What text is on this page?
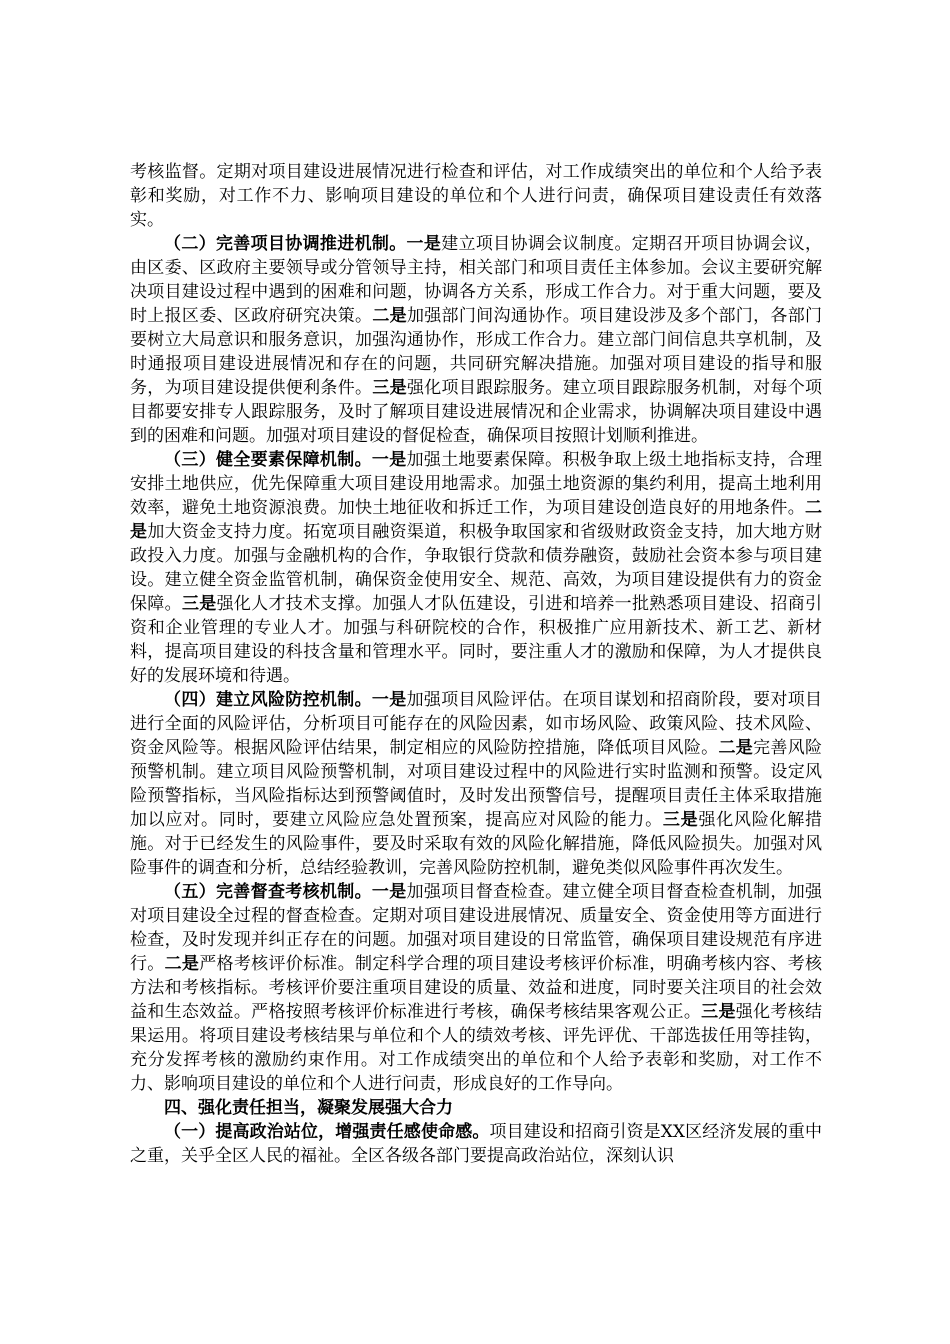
考核监督。定期对项目建设进展情况进行检查和评估，对工作成绩突出的单位和个人给予表彰和奖励，对工作不力、影响项目建设的单位和个人进行问责，确保项目建设责任有效落实。

（二）完善项目协调推进机制。一是建立项目协调会议制度。定期召开项目协调会议，由区委、区政府主要领导或分管领导主持，相关部门和项目责任主体参加。会议主要研究解决项目建设过程中遇到的困难和问题，协调各方关系，形成工作合力。对于重大问题，要及时上报区委、区政府研究决策。二是加强部门间沟通协作。项目建设涉及多个部门，各部门要树立大局意识和服务意识，加强沟通协作，形成工作合力。建立部门间信息共享机制，及时通报项目建设进展情况和存在的问题，共同研究解决措施。加强对项目建设的指导和服务，为项目建设提供便利条件。三是强化项目跟踪服务。建立项目跟踪服务机制，对每个项目都要安排专人跟踪服务，及时了解项目建设进展情况和企业需求，协调解决项目建设中遇到的困难和问题。加强对项目建设的督促检查，确保项目按照计划顺利推进。

（三）健全要素保障机制。一是加强土地要素保障。积极争取上级土地指标支持，合理安排土地供应，优先保障重大项目建设用地需求。加强土地资源的集约利用，提高土地利用效率，避免土地资源浪费。加快土地征收和拆迁工作，为项目建设创造良好的用地条件。二是加大资金支持力度。拓宽项目融资渠道，积极争取国家和省级财政资金支持，加大地方财政投入力度。加强与金融机构的合作，争取银行贷款和债券融资，鼓励社会资本参与项目建设。建立健全资金监管机制，确保资金使用安全、规范、高效，为项目建设提供有力的资金保障。三是强化人才技术支撑。加强人才队伍建设，引进和培养一批熟悉项目建设、招商引资和企业管理的专业人才。加强与科研院校的合作，积极推广应用新技术、新工艺、新材料，提高项目建设的科技含量和管理水平。同时，要注重人才的激励和保障，为人才提供良好的发展环境和待遇。

（四）建立风险防控机制。一是加强项目风险评估。在项目谋划和招商阶段，要对项目进行全面的风险评估，分析项目可能存在的风险因素，如市场风险、政策风险、技术风险、资金风险等。根据风险评估结果，制定相应的风险防控措施，降低项目风险。二是完善风险预警机制。建立项目风险预警机制，对项目建设过程中的风险进行实时监测和预警。设定风险预警指标，当风险指标达到预警阈值时，及时发出预警信号，提醒项目责任主体采取措施加以应对。同时，要建立风险应急处置预案，提高应对风险的能力。三是强化风险化解措施。对于已经发生的风险事件，要及时采取有效的风险化解措施，降低风险损失。加强对风险事件的调查和分析，总结经验教训，完善风险防控机制，避免类似风险事件再次发生。

（五）完善督查考核机制。一是加强项目督查检查。建立健全项目督查检查机制，加强对项目建设全过程的督查检查。定期对项目建设进展情况、质量安全、资金使用等方面进行检查，及时发现并纠正存在的问题。加强对项目建设的日常监管，确保项目建设规范有序进行。二是严格考核评价标准。制定科学合理的项目建设考核评价标准，明确考核内容、考核方法和考核指标。考核评价要注重项目建设的质量、效益和进度，同时要关注项目的社会效益和生态效益。严格按照考核评价标准进行考核，确保考核结果客观公正。三是强化考核结果运用。将项目建设考核结果与单位和个人的绩效考核、评先评优、干部选拔任用等挂钩，充分发挥考核的激励约束作用。对工作成绩突出的单位和个人给予表彰和奖励，对工作不力、影响项目建设的单位和个人进行问责，形成良好的工作导向。

四、强化责任担当，凝聚发展强大合力

（一）提高政治站位，增强责任感使命感。项目建设和招商引资是XX区经济发展的重中之重，关乎全区人民的福祉。全区各级各部门要提高政治站位，深刻认识
